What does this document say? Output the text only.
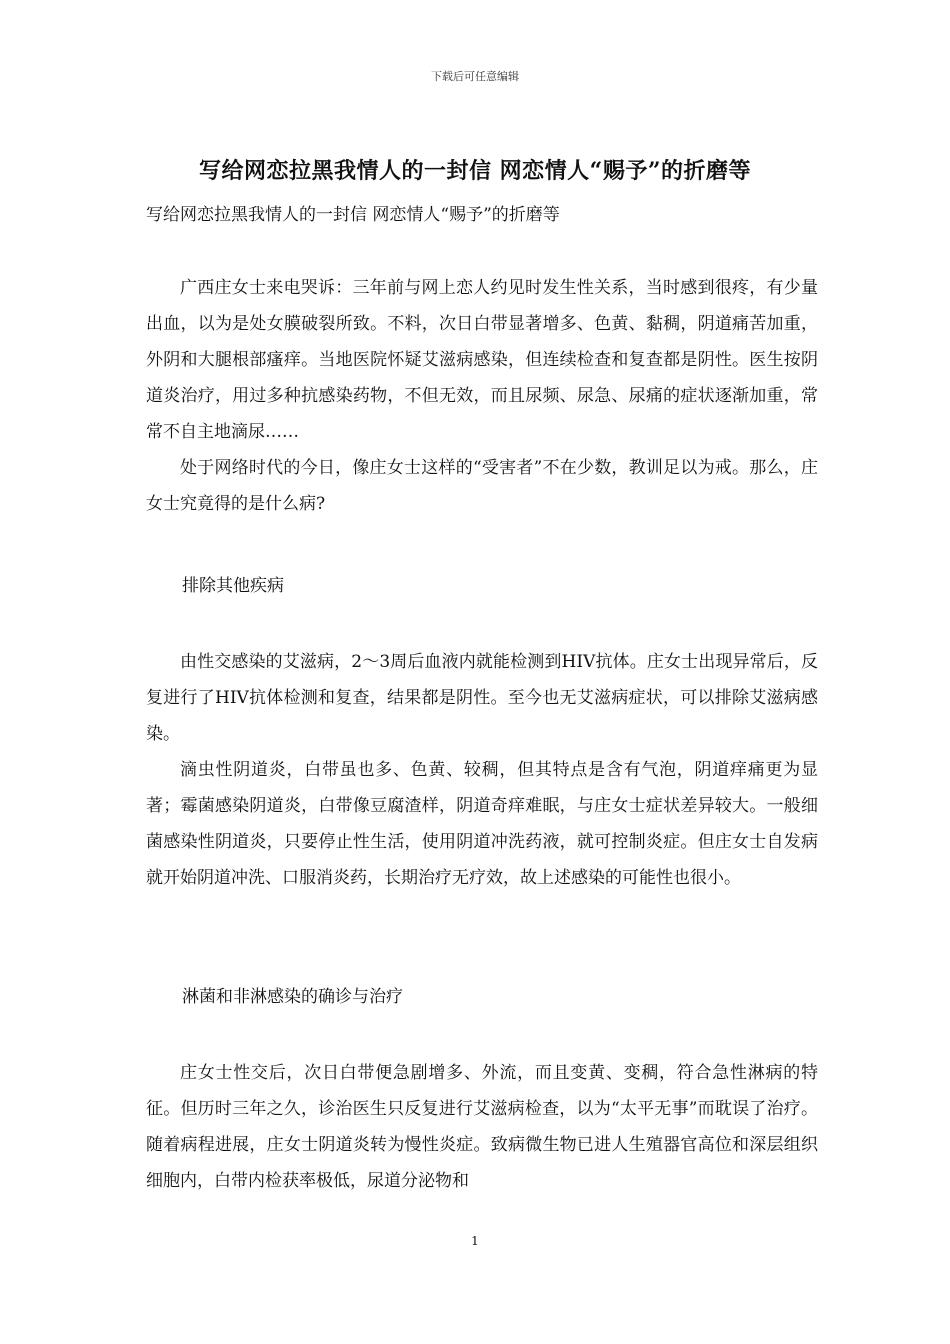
下载后可任意编辑
写给网恋拉黑我情人的一封信 网恋情人“赐予”的折磨等
写给网恋拉黑我情人的一封信 网恋情人“赐予”的折磨等

广西庄女士来电哭诉：三年前与网上恋人约见时发生性关系，当时感到很疼，有少量出血，以为是处女膜破裂所致。不料，次日白带显著增多、色黄、黏稠，阴道痛苦加重，外阴和大腿根部瘙痒。当地医院怀疑艾滋病感染，但连续检查和复查都是阴性。医生按阴道炎治疗，用过多种抗感染药物，不但无效，而且尿频、尿急、尿痛的症状逐渐加重，常常不自主地滴尿……

处于网络时代的今日，像庄女士这样的“受害者”不在少数，教训足以为戒。那么，庄女士究竟得的是什么病?

排除其他疾病

由性交感染的艾滋病，2～3周后血液内就能检测到HIV抗体。庄女士出现异常后，反复进行了HIV抗体检测和复查，结果都是阴性。至今也无艾滋病症状，可以排除艾滋病感染。

滴虫性阴道炎，白带虽也多、色黄、较稠，但其特点是含有气泡，阴道痒痛更为显著；霉菌感染阴道炎，白带像豆腐渣样，阴道奇痒难眠，与庄女士症状差异较大。一般细菌感染性阴道炎，只要停止性生活，使用阴道冲洗药液，就可控制炎症。但庄女士自发病就开始阴道冲洗、口服消炎药，长期治疗无疗效，故上述感染的可能性也很小。

淋菌和非淋感染的确诊与治疗

庄女士性交后，次日白带便急剧增多、外流，而且变黄、变稠，符合急性淋病的特征。但历时三年之久，诊治医生只反复进行艾滋病检查，以为“太平无事”而耽误了治疗。随着病程进展，庄女士阴道炎转为慢性炎症。致病微生物已进人生殖器官高位和深层组织细胞内，白带内检获率极低，尿道分泌物和

1
